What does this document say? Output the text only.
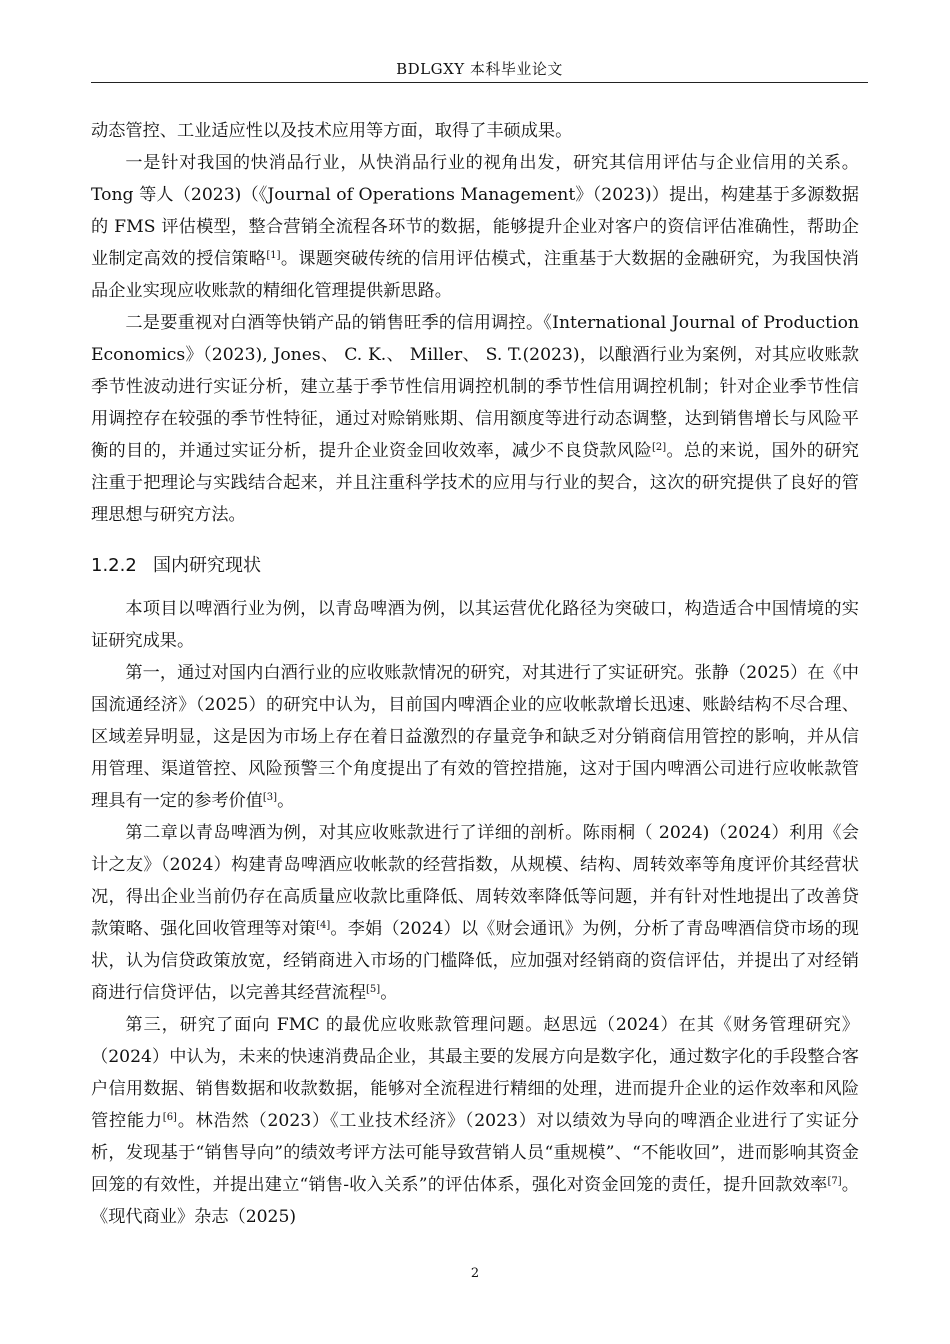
BDLGXY 本科毕业论文

动态管控、工业适应性以及技术应用等方面，取得了丰硕成果。

一是针对我国的快消品行业，从快消品行业的视角出发，研究其信用评估与企业信用的关系。Tong 等人（2023)（《Journal of Operations Management》（2023)）提出，构建基于多源数据的 FMS 评估模型，整合营销全流程各环节的数据，能够提升企业对客户的资信评估准确性，帮助企业制定高效的授信策略[1]。课题突破传统的信用评估模式，注重基于大数据的金融研究，为我国快消品企业实现应收账款的精细化管理提供新思路。

二是要重视对白酒等快销产品的销售旺季的信用调控。《International Journal of Production Economics》（2023), Jones、 C. K.、 Miller、 S. T.(2023)，以酿酒行业为案例，对其应收账款季节性波动进行实证分析，建立基于季节性信用调控机制的季节性信用调控机制；针对企业季节性信用调控存在较强的季节性特征，通过对赊销账期、信用额度等进行动态调整，达到销售增长与风险平衡的目的，并通过实证分析，提升企业资金回收效率，减少不良贷款风险[2]。总的来说，国外的研究注重于把理论与实践结合起来，并且注重科学技术的应用与行业的契合，这次的研究提供了良好的管理思想与研究方法。

1.2.2 国内研究现状

本项目以啤酒行业为例，以青岛啤酒为例，以其运营优化路径为突破口，构造适合中国情境的实证研究成果。

第一，通过对国内白酒行业的应收账款情况的研究，对其进行了实证研究。张静（2025）在《中国流通经济》（2025）的研究中认为，目前国内啤酒企业的应收帐款增长迅速、账龄结构不尽合理、区域差异明显，这是因为市场上存在着日益激烈的存量竞争和缺乏对分销商信用管控的影响，并从信用管理、渠道管控、风险预警三个角度提出了有效的管控措施，这对于国内啤酒公司进行应收帐款管理具有一定的参考价值[3]。

第二章以青岛啤酒为例，对其应收账款进行了详细的剖析。陈雨桐（ 2024)（2024）利用《会计之友》（2024）构建青岛啤酒应收帐款的经营指数，从规模、结构、周转效率等角度评价其经营状况，得出企业当前仍存在高质量应收款比重降低、周转效率降低等问题，并有针对性地提出了改善贷款策略、强化回收管理等对策[4]。李娟（2024）以《财会通讯》为例，分析了青岛啤酒信贷市场的现状，认为信贷政策放宽，经销商进入市场的门槛降低，应加强对经销商的资信评估，并提出了对经销商进行信贷评估，以完善其经营流程[5]。

第三，研究了面向 FMC 的最优应收账款管理问题。赵思远（2024）在其《财务管理研究》（2024）中认为，未来的快速消费品企业，其最主要的发展方向是数字化，通过数字化的手段整合客户信用数据、销售数据和收款数据，能够对全流程进行精细的处理，进而提升企业的运作效率和风险管控能力[6]。林浩然（2023）《工业技术经济》（2023）对以绩效为导向的啤酒企业进行了实证分析，发现基于“销售导向”的绩效考评方法可能导致营销人员“重规模”、“不能收回”，进而影响其资金回笼的有效性，并提出建立“销售-收入关系”的评估体系，强化对资金回笼的责任，提升回款效率[7]。《现代商业》杂志（2025)

2
